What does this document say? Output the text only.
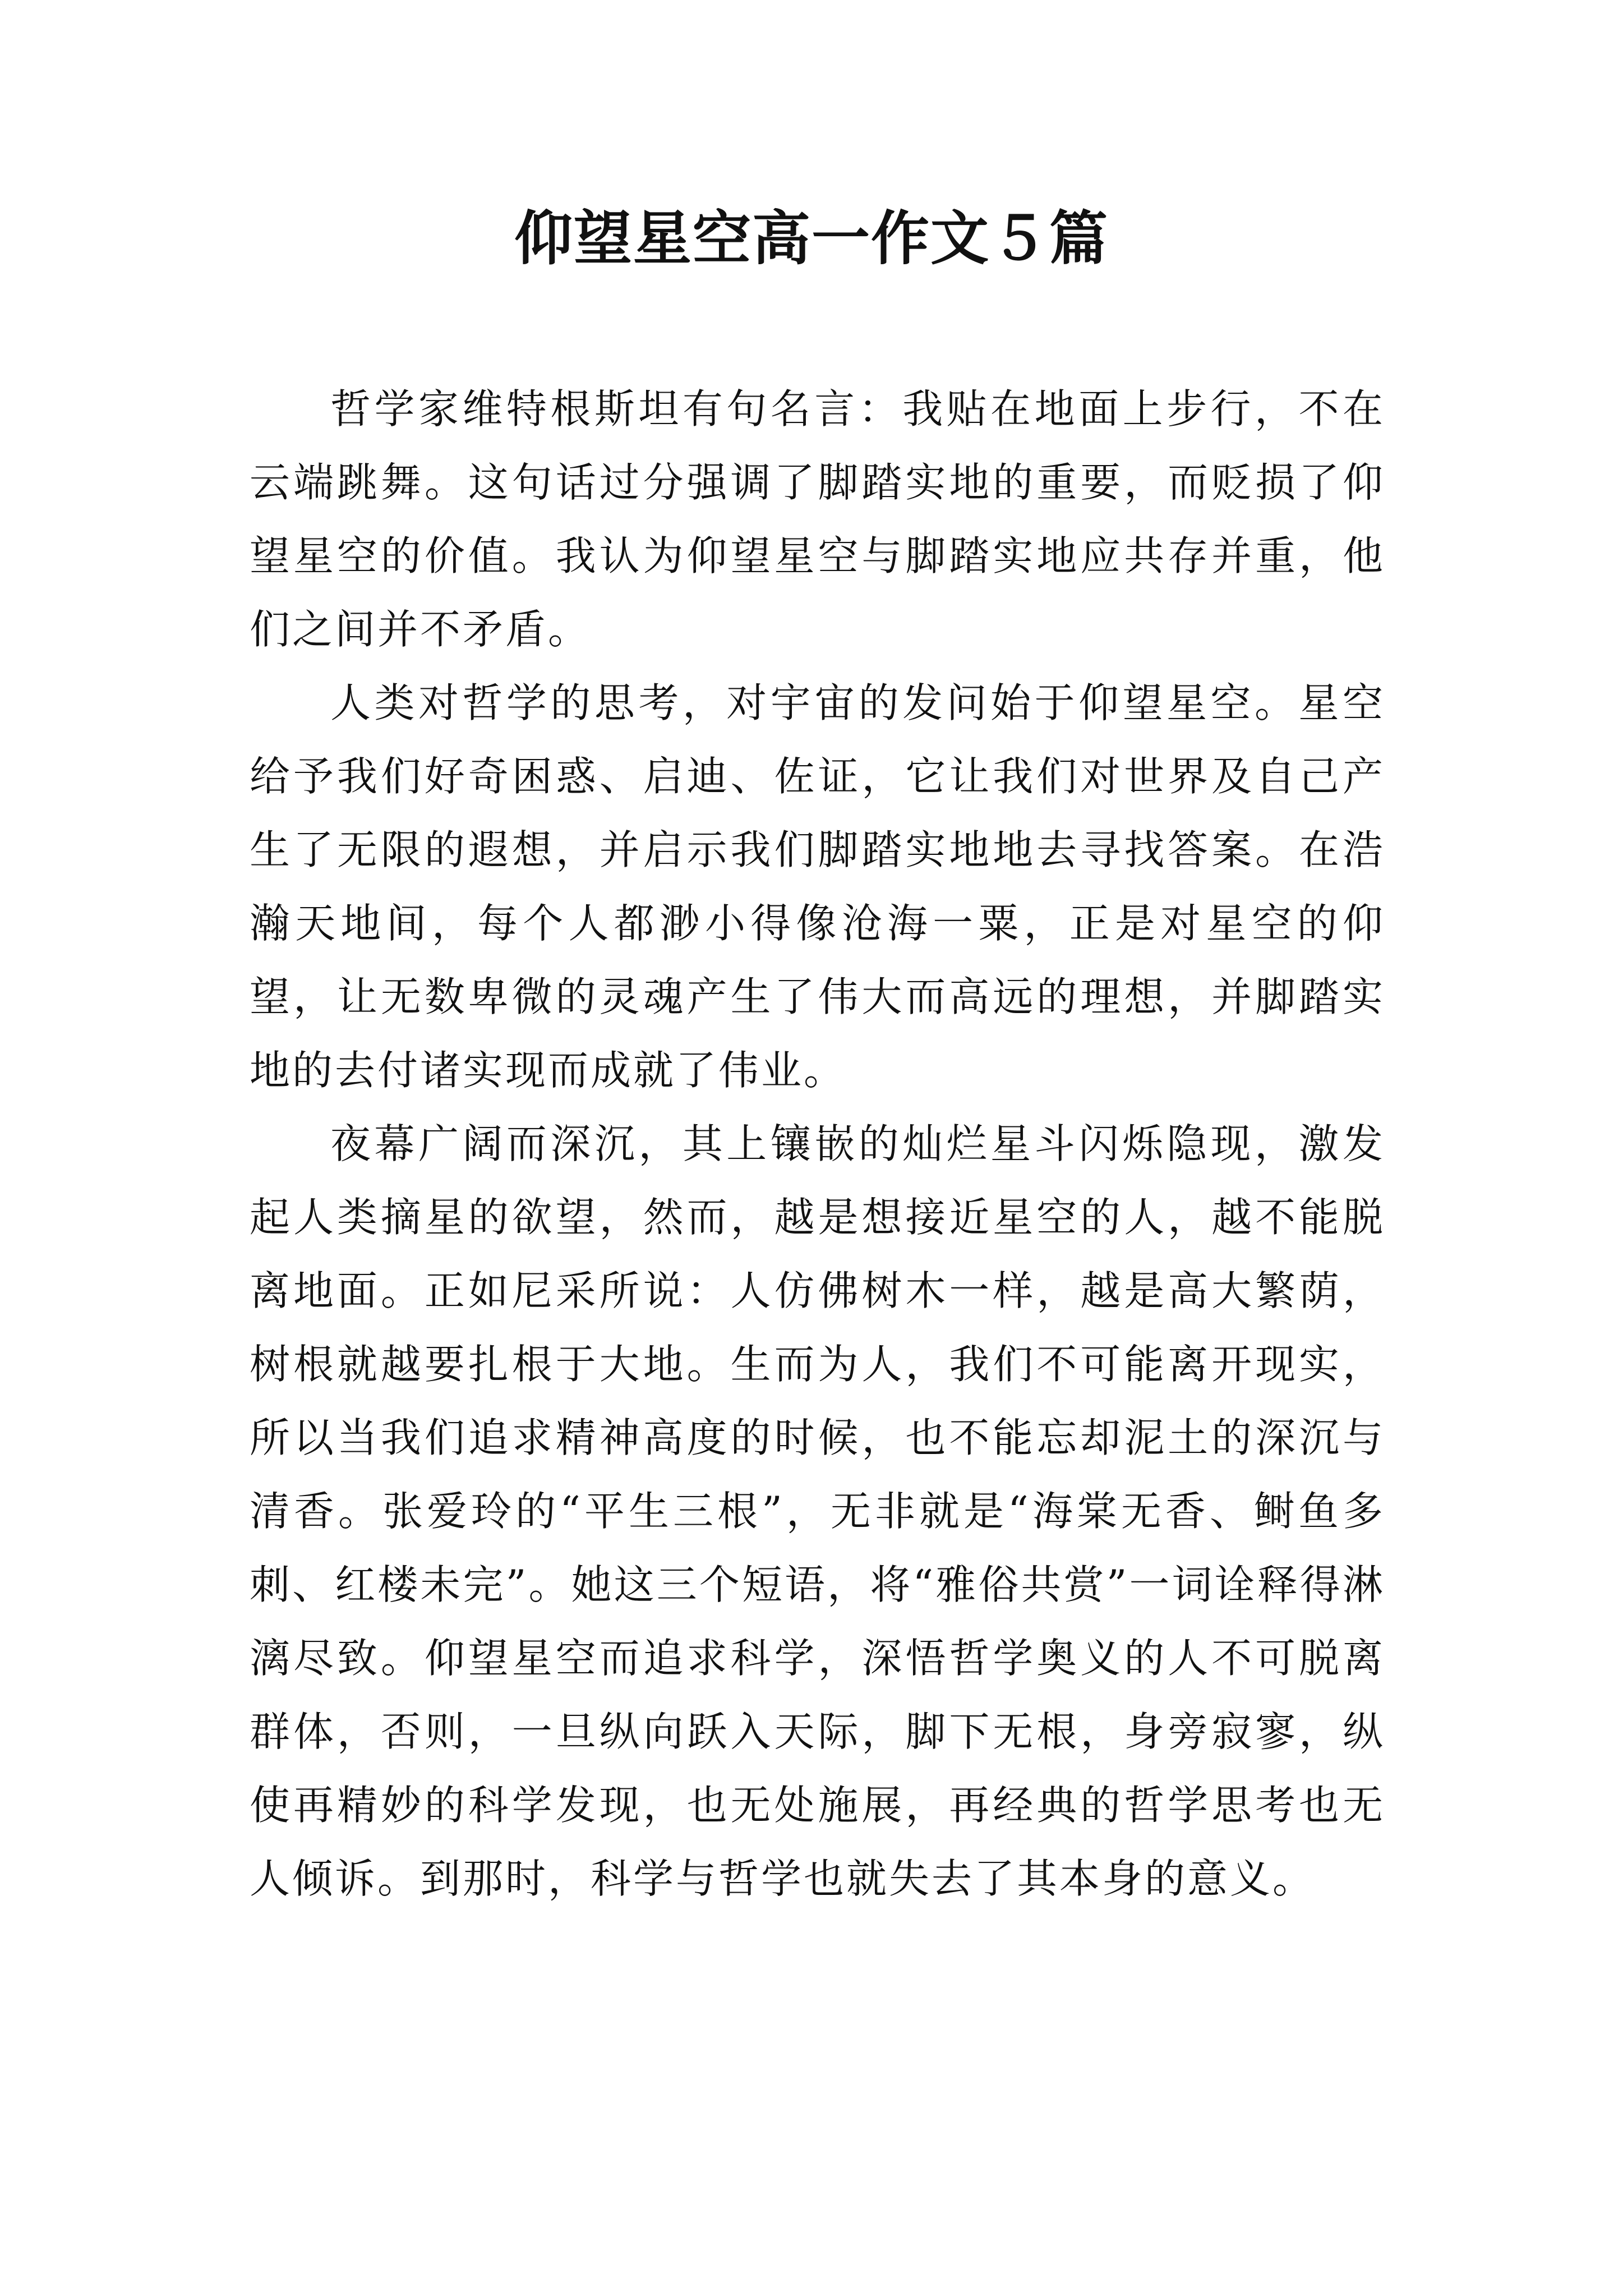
仰望星空高一作文５篇

哲学家维特根斯坦有句名言：我贴在地面上步行，不在云端跳舞。这句话过分强调了脚踏实地的重要，而贬损了仰望星空的价值。我认为仰望星空与脚踏实地应共存并重，他们之间并不矛盾。

人类对哲学的思考，对宇宙的发问始于仰望星空。星空给予我们好奇困惑、启迪、佐证，它让我们对世界及自己产生了无限的遐想，并启示我们脚踏实地地去寻找答案。在浩瀚天地间，每个人都渺小得像沧海一粟，正是对星空的仰望，让无数卑微的灵魂产生了伟大而高远的理想，并脚踏实地的去付诸实现而成就了伟业。

夜幕广阔而深沉，其上镶嵌的灿烂星斗闪烁隐现，激发起人类摘星的欲望，然而，越是想接近星空的人，越不能脱离地面。正如尼采所说：人仿佛树木一样，越是高大繁荫，树根就越要扎根于大地。生而为人，我们不可能离开现实，所以当我们追求精神高度的时候，也不能忘却泥土的深沉与清香。张爱玲的“平生三根”，无非就是“海棠无香、鲥鱼多刺、红楼未完”。她这三个短语，将“雅俗共赏”一词诠释得淋漓尽致。仰望星空而追求科学，深悟哲学奥义的人不可脱离群体，否则，一旦纵向跃入天际，脚下无根，身旁寂寥，纵使再精妙的科学发现，也无处施展，再经典的哲学思考也无人倾诉。到那时，科学与哲学也就失去了其本身的意义。
